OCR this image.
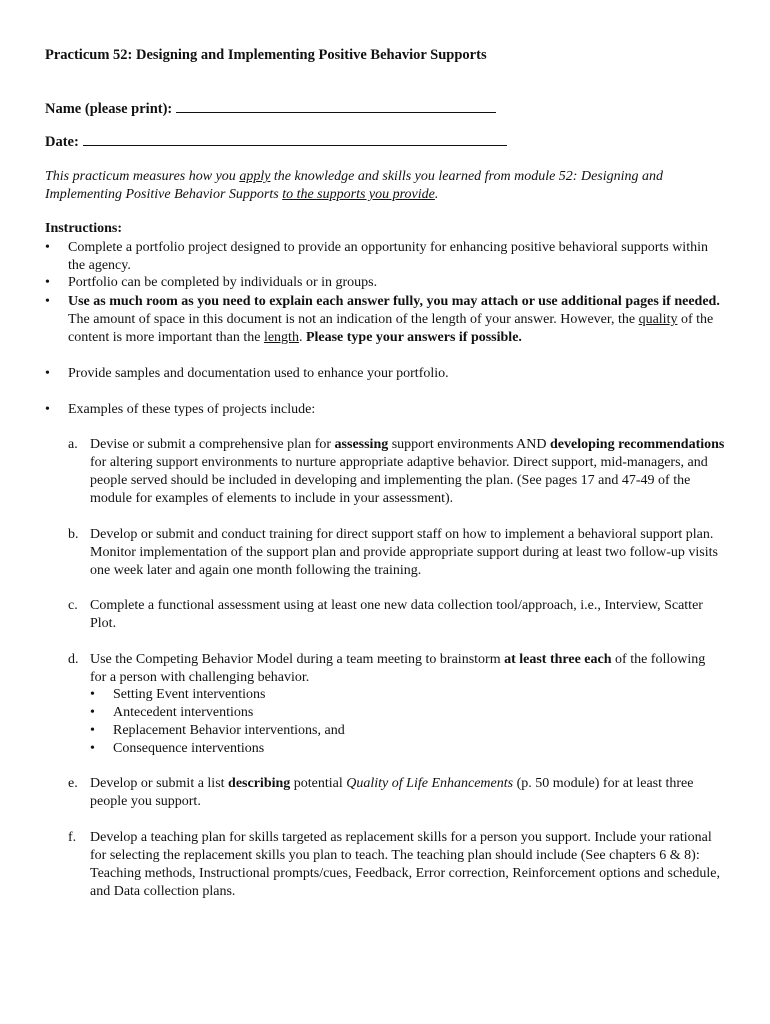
Practicum 52: Designing and Implementing Positive Behavior Supports
Name (please print):
Date:
This practicum measures how you apply the knowledge and skills you learned from module 52: Designing and Implementing Positive Behavior Supports to the supports you provide.
Instructions:
• Complete a portfolio project designed to provide an opportunity for enhancing positive behavioral supports within the agency.
• Portfolio can be completed by individuals or in groups.
• Use as much room as you need to explain each answer fully, you may attach or use additional pages if needed. The amount of space in this document is not an indication of the length of your answer. However, the quality of the content is more important than the length. Please type your answers if possible.
• Provide samples and documentation used to enhance your portfolio.
• Examples of these types of projects include:
a. Devise or submit a comprehensive plan for assessing support environments AND developing recommendations for altering support environments to nurture appropriate adaptive behavior. Direct support, mid-managers, and people served should be included in developing and implementing the plan. (See pages 17 and 47-49 of the module for examples of elements to include in your assessment).
b. Develop or submit and conduct training for direct support staff on how to implement a behavioral support plan. Monitor implementation of the support plan and provide appropriate support during at least two follow-up visits one week later and again one month following the training.
c. Complete a functional assessment using at least one new data collection tool/approach, i.e., Interview, Scatter Plot.
d. Use the Competing Behavior Model during a team meeting to brainstorm at least three each of the following for a person with challenging behavior.
• Setting Event interventions
• Antecedent interventions
• Replacement Behavior interventions, and
• Consequence interventions
e. Develop or submit a list describing potential Quality of Life Enhancements (p. 50 module) for at least three people you support.
f. Develop a teaching plan for skills targeted as replacement skills for a person you support. Include your rational for selecting the replacement skills you plan to teach. The teaching plan should include (See chapters 6 & 8): Teaching methods, Instructional prompts/cues, Feedback, Error correction, Reinforcement options and schedule, and Data collection plans.
